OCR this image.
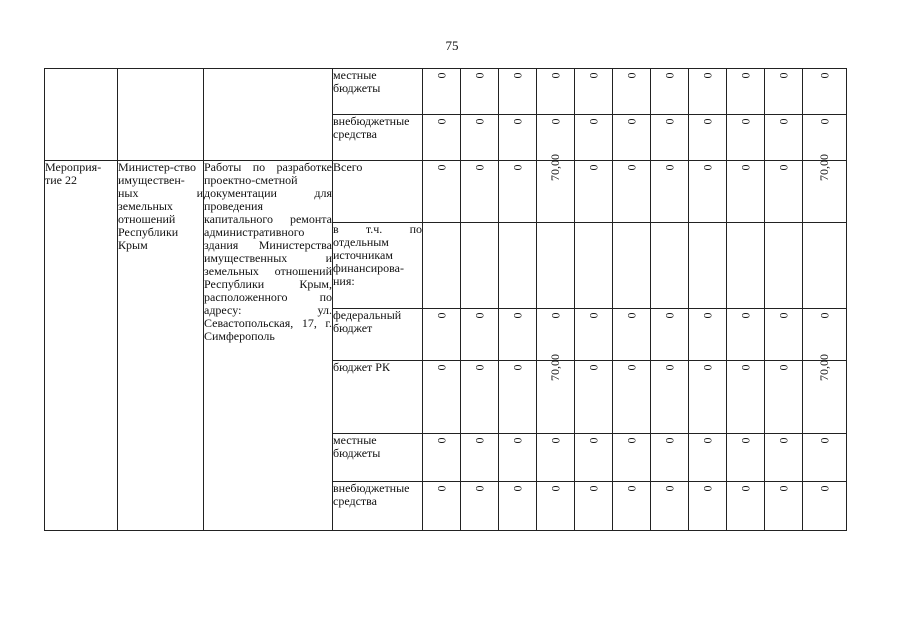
75
			местные бюджеты	0	0	0	0	0	0	0	0	0	0	0
			внебюджетные средства	0	0	0	0	0	0	0	0	0	0	0
Мероприя-тие 22	Министер-ство имуществен-ных и земельных отношений Республики Крым	Работы по разработке проектно-сметной документации для проведения капитального ремонта административного здания Министерства имущественных и земельных отношений Республики Крым, расположенного по адресу: ул. Севастопольская, 17, г. Симферополь	Всего	0	0	0	70,00	0	0	0	0	0	0	70,00
			в т.ч. по отдельным источникам финансирова-ния:											
			федеральный бюджет	0	0	0	0	0	0	0	0	0	0	0
			бюджет РК	0	0	0	70,00	0	0	0	0	0	0	70,00
			местные бюджеты	0	0	0	0	0	0	0	0	0	0	0
			внебюджетные средства	0	0	0	0	0	0	0	0	0	0	0
